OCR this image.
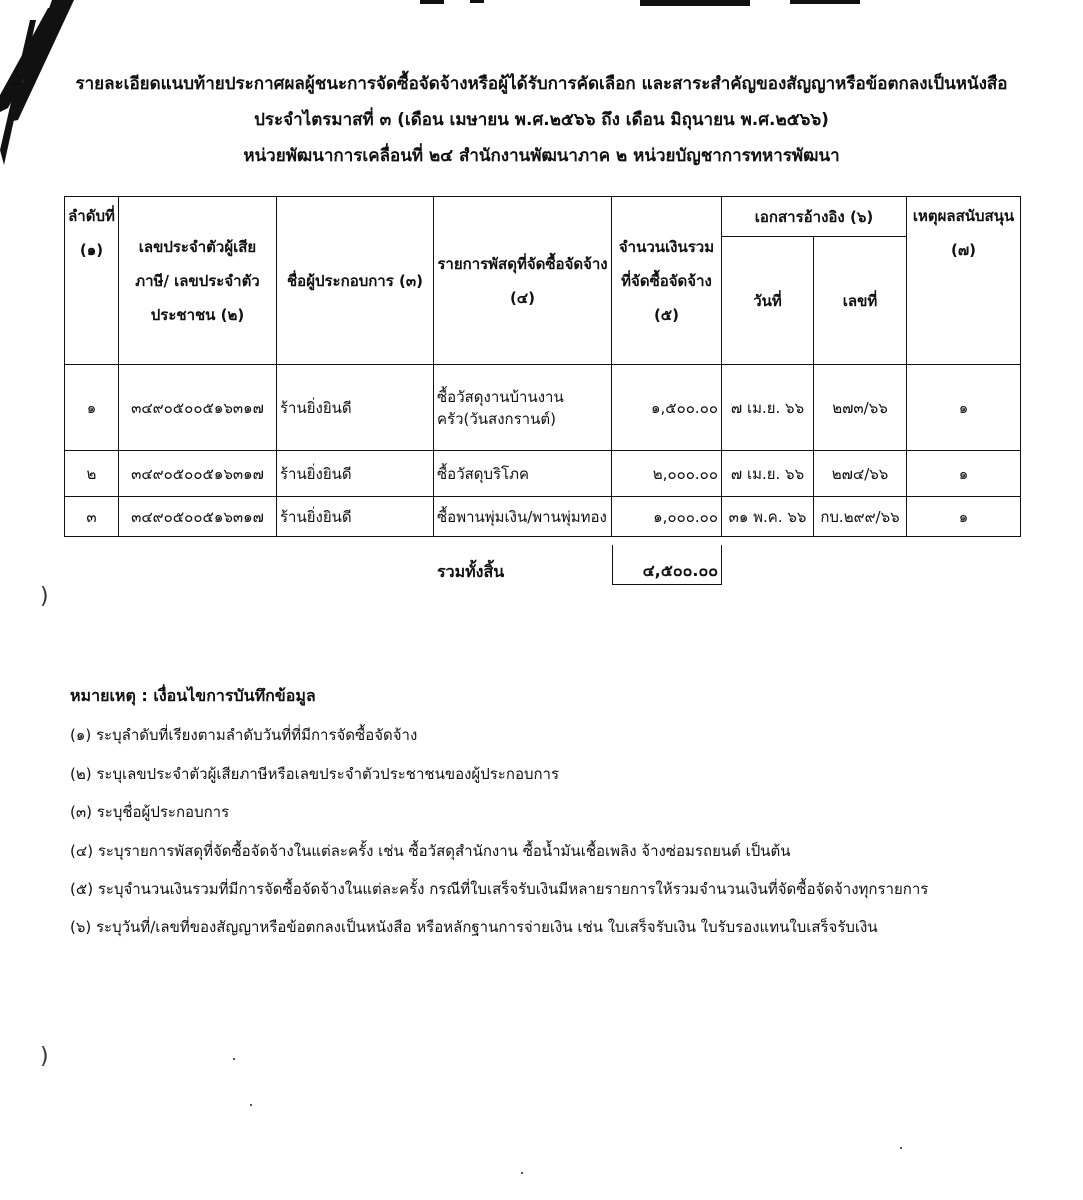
รายละเอียดแนบท้ายประกาศผลผู้ชนะการจัดซื้อจัดจ้างหรือผู้ได้รับการคัดเลือก และสาระสำคัญของสัญญาหรือข้อตกลงเป็นหนังสือ
ประจำไตรมาสที่ ๓ (เดือน เมษายน พ.ศ.๒๕๖๖ ถึง เดือน มิถุนายน พ.ศ.๒๕๖๖)
หน่วยพัฒนาการเคลื่อนที่ ๒๔ สำนักงานพัฒนาภาค ๒ หน่วยบัญชาการทหารพัฒนา
ลำดับที่ (๑)	เลขประจำตัวผู้เสียภาษี/ เลขประจำตัวประชาชน (๒)	ชื่อผู้ประกอบการ (๓)	รายการพัสดุที่จัดซื้อจัดจ้าง (๔)	จำนวนเงินรวม ที่จัดซื้อจัดจ้าง (๕)	เอกสารอ้างอิง (๖)		เหตุผลสนับสนุน (๗)
					วันที่	เลขที่	
๑	๓๔๙๐๕๐๐๕๑๖๓๑๗	ร้านยิ่งยินดี	ซื้อวัสดุงานบ้านงานครัว(วันสงกรานต์)	๑,๕๐๐.๐๐	๗ เม.ย. ๖๖	๒๗๓/๖๖	๑
๒	๓๔๙๐๕๐๐๕๑๖๓๑๗	ร้านยิ่งยินดี	ซื้อวัสดุบริโภค	๒,๐๐๐.๐๐	๗ เม.ย. ๖๖	๒๗๔/๖๖	๑
๓	๓๔๙๐๕๐๐๕๑๖๓๑๗	ร้านยิ่งยินดี	ซื้อพานพุ่มเงิน/พานพุ่มทอง	๑,๐๐๐.๐๐	๓๑ พ.ค. ๖๖	กบ.๒๙๙/๖๖	๑
รวมทั้งสิ้น	๔,๕๐๐.๐๐
)
)
หมายเหตุ : เงื่อนไขการบันทึกข้อมูล
(๑) ระบุลำดับที่เรียงตามลำดับวันที่ที่มีการจัดซื้อจัดจ้าง
(๒) ระบุเลขประจำตัวผู้เสียภาษีหรือเลขประจำตัวประชาชนของผู้ประกอบการ
(๓) ระบุชื่อผู้ประกอบการ
(๔) ระบุรายการพัสดุที่จัดซื้อจัดจ้างในแต่ละครั้ง เช่น ซื้อวัสดุสำนักงาน ซื้อน้ำมันเชื้อเพลิง จ้างซ่อมรถยนต์ เป็นต้น
(๕) ระบุจำนวนเงินรวมที่มีการจัดซื้อจัดจ้างในแต่ละครั้ง กรณีที่ใบเสร็จรับเงินมีหลายรายการให้รวมจำนวนเงินที่จัดซื้อจัดจ้างทุกรายการ
(๖) ระบุวันที่/เลขที่ของสัญญาหรือข้อตกลงเป็นหนังสือ หรือหลักฐานการจ่ายเงิน เช่น ใบเสร็จรับเงิน ใบรับรองแทนใบเสร็จรับเงิน
